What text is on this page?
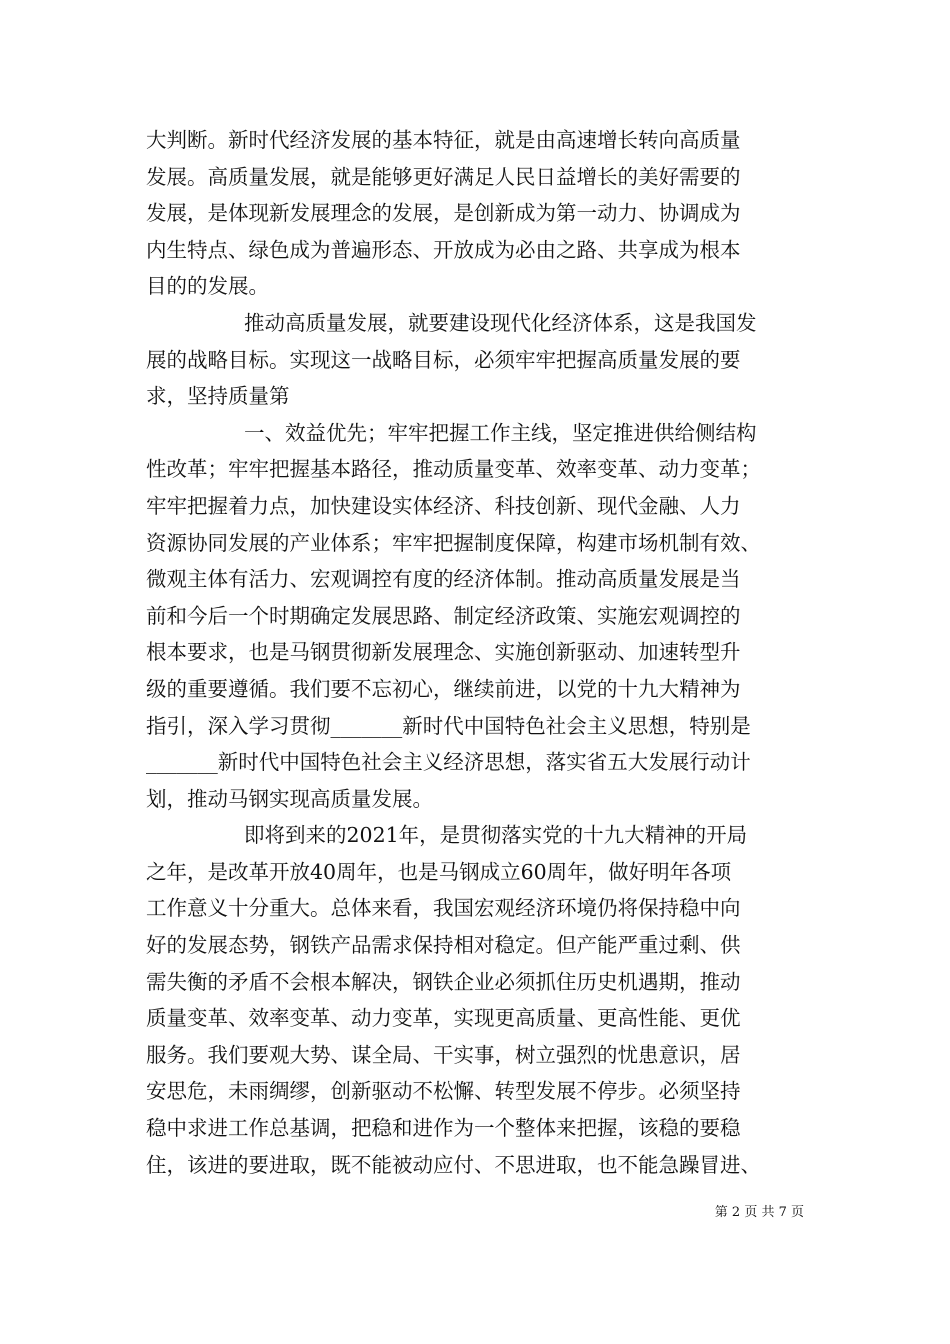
大判断。新时代经济发展的基本特征，就是由高速增长转向高质量
发展。高质量发展，就是能够更好满足人民日益增长的美好需要的
发展，是体现新发展理念的发展，是创新成为第一动力、协调成为
内生特点、绿色成为普遍形态、开放成为必由之路、共享成为根本
目的的发展。
推动高质量发展，就要建设现代化经济体系，这是我国发
展的战略目标。实现这一战略目标，必须牢牢把握高质量发展的要
求，坚持质量第
一、效益优先；牢牢把握工作主线，坚定推进供给侧结构
性改革；牢牢把握基本路径，推动质量变革、效率变革、动力变革；
牢牢把握着力点，加快建设实体经济、科技创新、现代金融、人力
资源协同发展的产业体系；牢牢把握制度保障，构建市场机制有效、
微观主体有活力、宏观调控有度的经济体制。推动高质量发展是当
前和今后一个时期确定发展思路、制定经济政策、实施宏观调控的
根本要求，也是马钢贯彻新发展理念、实施创新驱动、加速转型升
级的重要遵循。我们要不忘初心，继续前进，以党的十九大精神为
指引，深入学习贯彻_______新时代中国特色社会主义思想，特别是
_______新时代中国特色社会主义经济思想，落实省五大发展行动计
划，推动马钢实现高质量发展。
即将到来的2021年，是贯彻落实党的十九大精神的开局
之年，是改革开放40周年，也是马钢成立60周年，做好明年各项
工作意义十分重大。总体来看，我国宏观经济环境仍将保持稳中向
好的发展态势，钢铁产品需求保持相对稳定。但产能严重过剩、供
需失衡的矛盾不会根本解决，钢铁企业必须抓住历史机遇期，推动
质量变革、效率变革、动力变革，实现更高质量、更高性能、更优
服务。我们要观大势、谋全局、干实事，树立强烈的忧患意识，居
安思危，未雨绸缪，创新驱动不松懈、转型发展不停步。必须坚持
稳中求进工作总基调，把稳和进作为一个整体来把握，该稳的要稳
住，该进的要进取，既不能被动应付、不思进取，也不能急躁冒进、
第 2 页 共 7 页
